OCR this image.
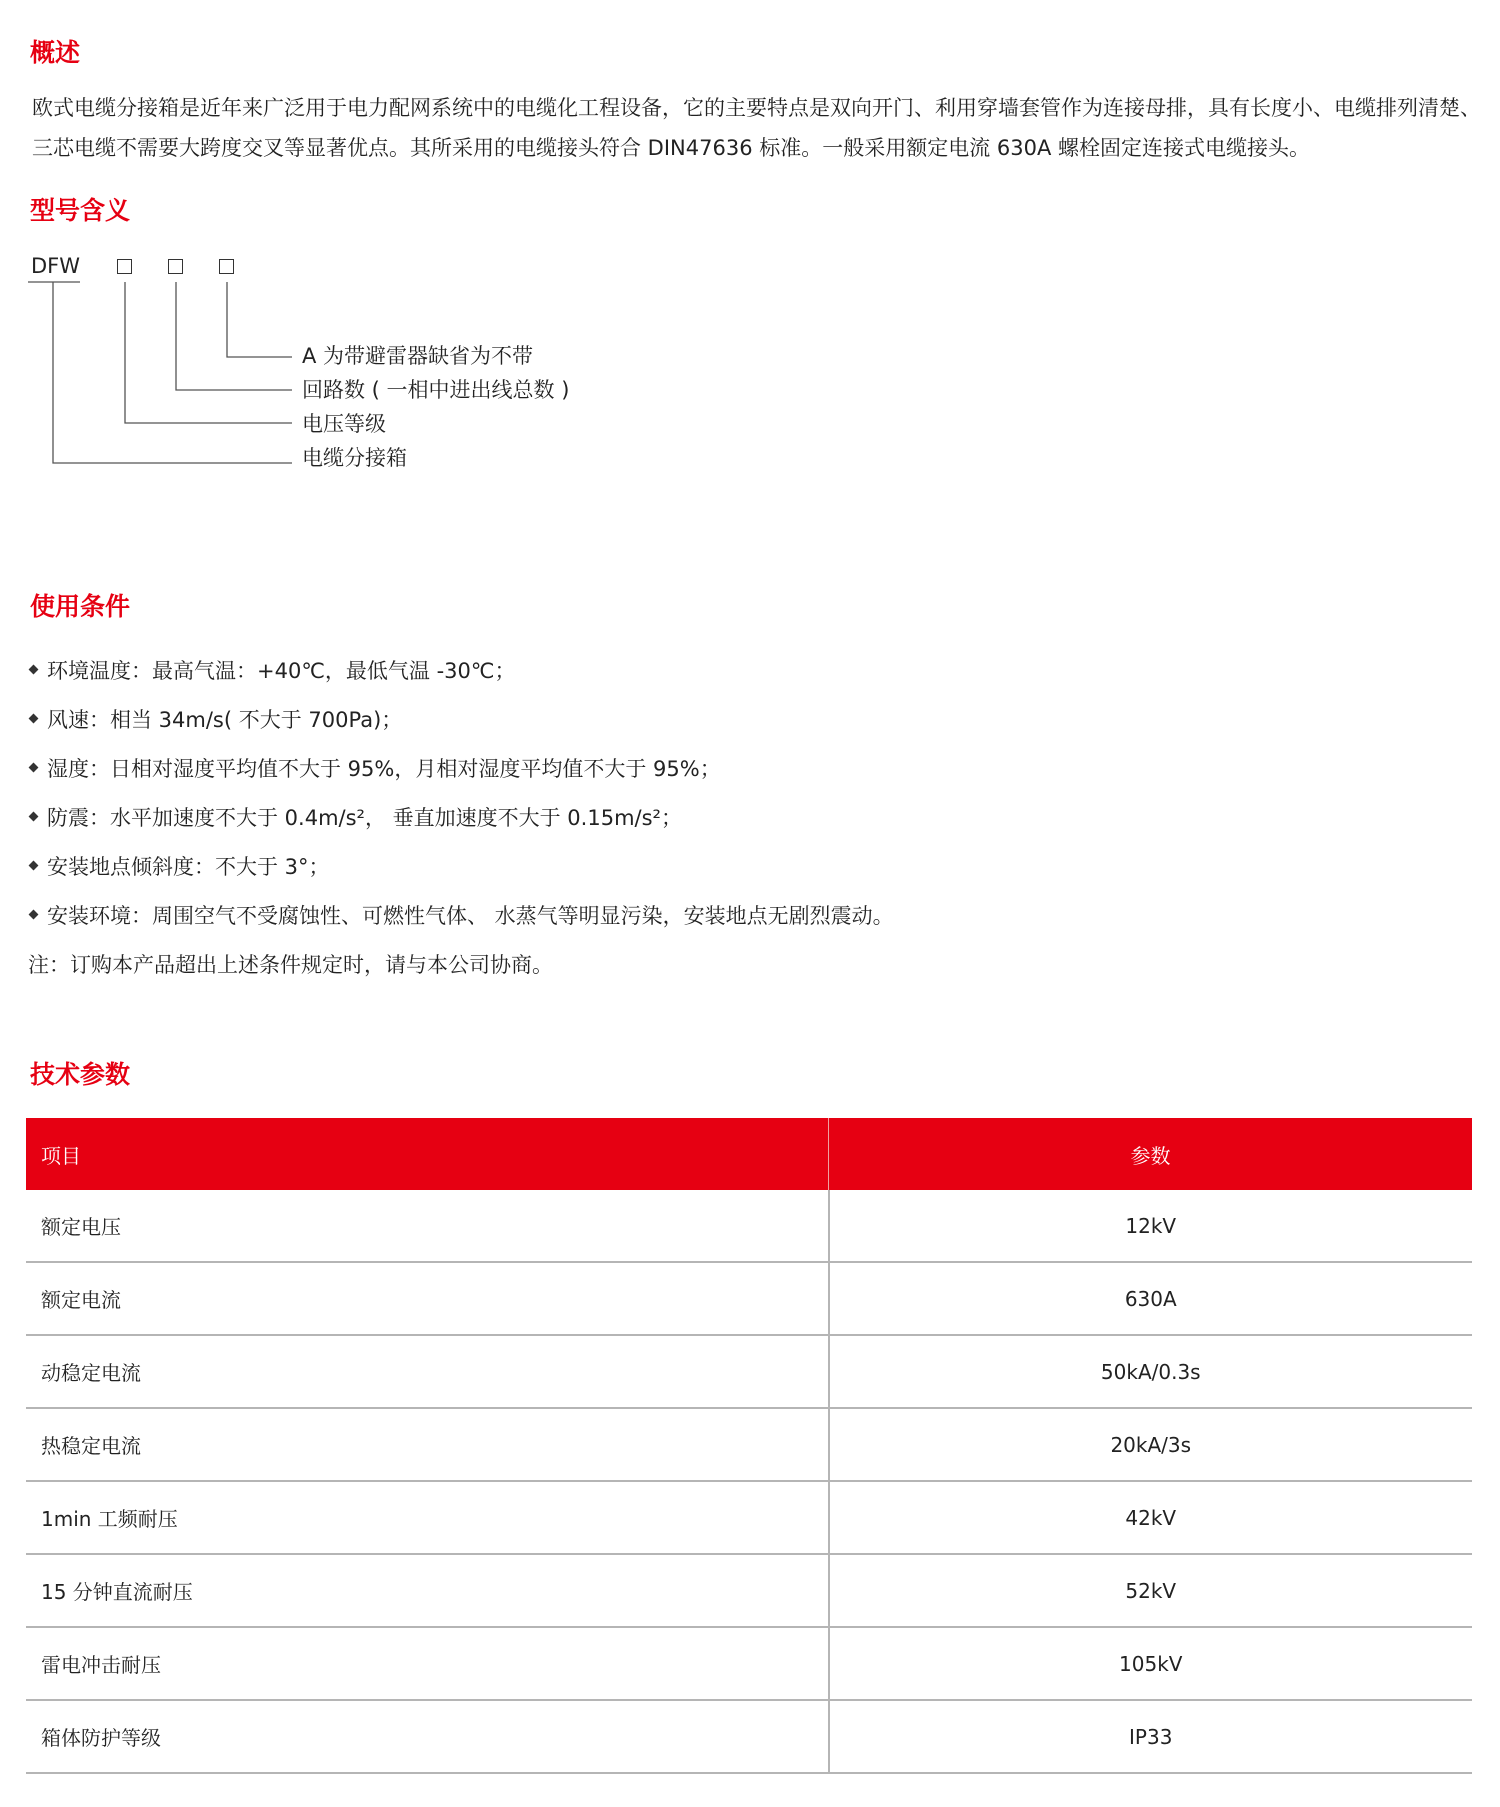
概述

欧式电缆分接箱是近年来广泛用于电力配网系统中的电缆化工程设备，它的主要特点是双向开门、利用穿墙套管作为连接母排，具有长度小、电缆排列清楚、

三芯电缆不需要大跨度交叉等显著优点。其所采用的电缆接头符合 DIN47636 标准。一般采用额定电流 630A 螺栓固定连接式电缆接头。

型号含义
DFW
A 为带避雷器缺省为不带
回路数 ( 一相中进出线总数 )
电压等级
电缆分接箱
使用条件
环境温度：最高气温：+40℃，最低气温 -30℃；
风速：相当 34m/s( 不大于 700Pa)；
湿度：日相对湿度平均值不大于 95%，月相对湿度平均值不大于 95%；
防震：水平加速度不大于 0.4m/s²， 垂直加速度不大于 0.15m/s²；
安装地点倾斜度：不大于 3°；
安装环境：周围空气不受腐蚀性、可燃性气体、 水蒸气等明显污染，安装地点无剧烈震动。
注：订购本产品超出上述条件规定时，请与本公司协商。
技术参数
项目	参数
额定电压	12kV
额定电流	630A
动稳定电流	50kA/0.3s
热稳定电流	20kA/3s
1min 工频耐压	42kV
15 分钟直流耐压	52kV
雷电冲击耐压	105kV
箱体防护等级	IP33
